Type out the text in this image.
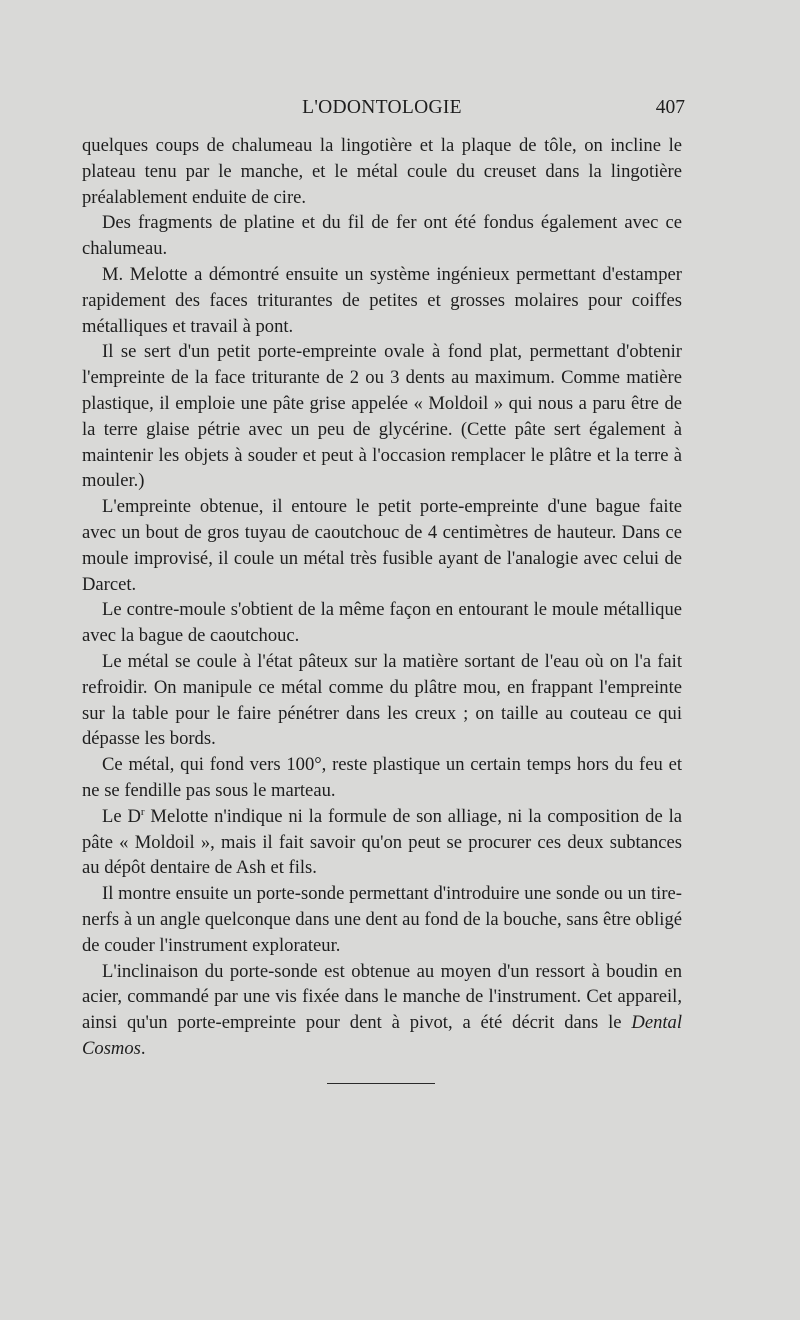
L'ODONTOLOGIE	407

quelques coups de chalumeau la lingotière et la plaque de tôle, on incline le plateau tenu par le manche, et le métal coule du creuset dans la lingotière préalablement enduite de cire.

Des fragments de platine et du fil de fer ont été fondus également avec ce chalumeau.

M. Melotte a démontré ensuite un système ingénieux permettant d'estamper rapidement des faces triturantes de petites et grosses molaires pour coiffes métalliques et travail à pont.

Il se sert d'un petit porte-empreinte ovale à fond plat, permettant d'obtenir l'empreinte de la face triturante de 2 ou 3 dents au maximum. Comme matière plastique, il emploie une pâte grise appelée « Moldoil » qui nous a paru être de la terre glaise pétrie avec un peu de glycérine. (Cette pâte sert également à maintenir les objets à souder et peut à l'occasion remplacer le plâtre et la terre à mouler.)

L'empreinte obtenue, il entoure le petit porte-empreinte d'une bague faite avec un bout de gros tuyau de caoutchouc de 4 centimètres de hauteur. Dans ce moule improvisé, il coule un métal très fusible ayant de l'analogie avec celui de Darcet.

Le contre-moule s'obtient de la même façon en entourant le moule métallique avec la bague de caoutchouc.

Le métal se coule à l'état pâteux sur la matière sortant de l'eau où on l'a fait refroidir. On manipule ce métal comme du plâtre mou, en frappant l'empreinte sur la table pour le faire pénétrer dans les creux ; on taille au couteau ce qui dépasse les bords.

Ce métal, qui fond vers 100°, reste plastique un certain temps hors du feu et ne se fendille pas sous le marteau.

Le $D^r$ Melotte n'indique ni la formule de son alliage, ni la composition de la pâte « Moldoil », mais il fait savoir qu'on peut se procurer ces deux subtances au dépôt dentaire de Ash et fils.

Il montre ensuite un porte-sonde permettant d'introduire une sonde ou un tire-nerfs à un angle quelconque dans une dent au fond de la bouche, sans être obligé de couder l'instrument explorateur.

L'inclinaison du porte-sonde est obtenue au moyen d'un ressort à boudin en acier, commandé par une vis fixée dans le manche de l'instrument. Cet appareil, ainsi qu'un porte-empreinte pour dent à pivot, a été décrit dans le Dental Cosmos.
